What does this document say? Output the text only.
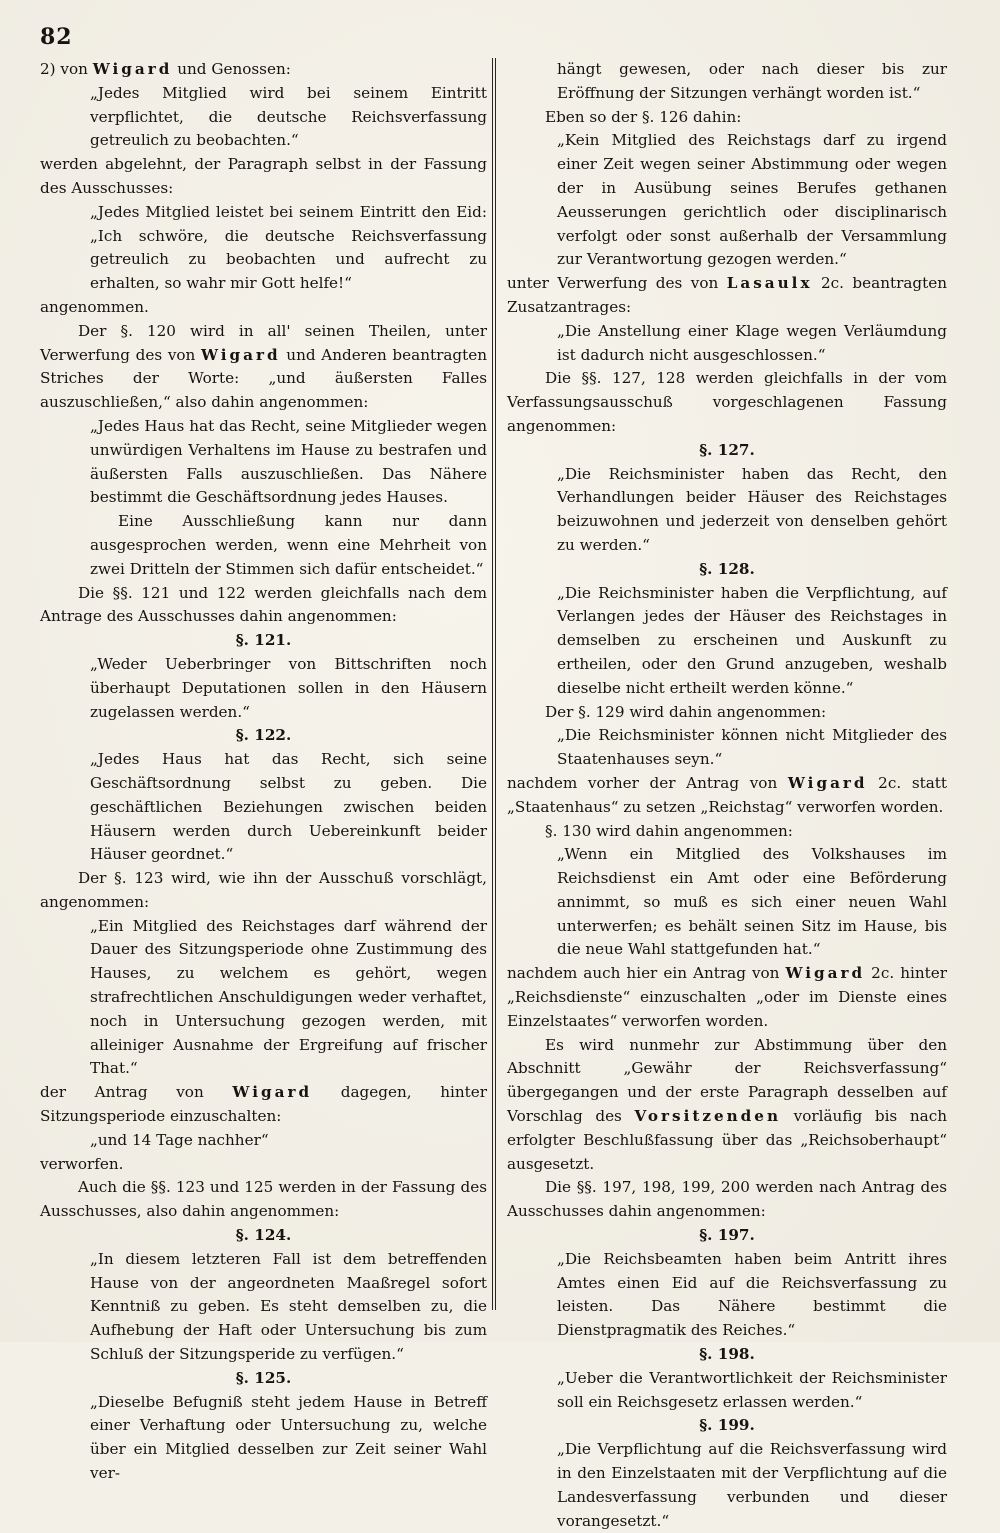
82

2) von Wigard und Genossen:

„Jedes Mitglied wird bei seinem Eintritt verpflichtet, die deutsche Reichsverfassung getreulich zu beobachten.“

werden abgelehnt, der Paragraph selbst in der Fassung des Ausschusses:

„Jedes Mitglied leistet bei seinem Eintritt den Eid: „Ich schwöre, die deutsche Reichsverfassung getreulich zu beobachten und aufrecht zu erhalten, so wahr mir Gott helfe!“

angenommen.

Der §. 120 wird in all' seinen Theilen, unter Verwerfung des von Wigard und Anderen beantragten Striches der Worte: „und äußersten Falles auszuschließen,“ also dahin angenommen:

„Jedes Haus hat das Recht, seine Mitglieder wegen unwürdigen Verhaltens im Hause zu bestrafen und äußersten Falls auszuschließen. Das Nähere bestimmt die Geschäftsordnung jedes Hauses.

Eine Ausschließung kann nur dann ausgesprochen werden, wenn eine Mehrheit von zwei Dritteln der Stimmen sich dafür entscheidet.“

Die §§. 121 und 122 werden gleichfalls nach dem Antrage des Ausschusses dahin angenommen:

§. 121.

„Weder Ueberbringer von Bittschriften noch überhaupt Deputationen sollen in den Häusern zugelassen werden.“

§. 122.

„Jedes Haus hat das Recht, sich seine Geschäftsordnung selbst zu geben. Die geschäftlichen Beziehungen zwischen beiden Häusern werden durch Uebereinkunft beider Häuser geordnet.“

Der §. 123 wird, wie ihn der Ausschuß vorschlägt, angenommen:

„Ein Mitglied des Reichstages darf während der Dauer des Sitzungsperiode ohne Zustimmung des Hauses, zu welchem es gehört, wegen strafrechtlichen Anschuldigungen weder verhaftet, noch in Untersuchung gezogen werden, mit alleiniger Ausnahme der Ergreifung auf frischer That.“

der Antrag von Wigard dagegen, hinter Sitzungsperiode einzuschalten:

„und 14 Tage nachher“

verworfen.

Auch die §§. 123 und 125 werden in der Fassung des Ausschusses, also dahin angenommen:

§. 124.

„In diesem letzteren Fall ist dem betreffenden Hause von der angeordneten Maaßregel sofort Kenntniß zu geben. Es steht demselben zu, die Aufhebung der Haft oder Untersuchung bis zum Schluß der Sitzungsperide zu verfügen.“

§. 125.

„Dieselbe Befugniß steht jedem Hause in Betreff einer Verhaftung oder Untersuchung zu, welche über ein Mitglied desselben zur Zeit seiner Wahl ver-

hängt gewesen, oder nach dieser bis zur Eröffnung der Sitzungen verhängt worden ist.“

Eben so der §. 126 dahin:

„Kein Mitglied des Reichstags darf zu irgend einer Zeit wegen seiner Abstimmung oder wegen der in Ausübung seines Berufes gethanen Aeusserungen gerichtlich oder disciplinarisch verfolgt oder sonst außerhalb der Versammlung zur Verantwortung gezogen werden.“

unter Verwerfung des von Lasaulx 2c. beantragten Zusatzantrages:

„Die Anstellung einer Klage wegen Verläumdung ist dadurch nicht ausgeschlossen.“

Die §§. 127, 128 werden gleichfalls in der vom Verfassungsausschuß vorgeschlagenen Fassung angenommen:

§. 127.

„Die Reichsminister haben das Recht, den Verhandlungen beider Häuser des Reichstages beizuwohnen und jederzeit von denselben gehört zu werden.“

§. 128.

„Die Reichsminister haben die Verpflichtung, auf Verlangen jedes der Häuser des Reichstages in demselben zu erscheinen und Auskunft zu ertheilen, oder den Grund anzugeben, weshalb dieselbe nicht ertheilt werden könne.“

Der §. 129 wird dahin angenommen:

„Die Reichsminister können nicht Mitglieder des Staatenhauses seyn.“

nachdem vorher der Antrag von Wigard 2c. statt „Staatenhaus“ zu setzen „Reichstag“ verworfen worden.

§. 130 wird dahin angenommen:

„Wenn ein Mitglied des Volkshauses im Reichsdienst ein Amt oder eine Beförderung annimmt, so muß es sich einer neuen Wahl unterwerfen; es behält seinen Sitz im Hause, bis die neue Wahl stattgefunden hat.“

nachdem auch hier ein Antrag von Wigard 2c. hinter „Reichsdienste“ einzuschalten „oder im Dienste eines Einzelstaates“ verworfen worden.

Es wird nunmehr zur Abstimmung über den Abschnitt „Gewähr der Reichsverfassung“ übergegangen und der erste Paragraph desselben auf Vorschlag des Vorsitzenden vorläufig bis nach erfolgter Beschlußfassung über das „Reichsoberhaupt“ ausgesetzt.

Die §§. 197, 198, 199, 200 werden nach Antrag des Ausschusses dahin angenommen:

§. 197.

„Die Reichsbeamten haben beim Antritt ihres Amtes einen Eid auf die Reichsverfassung zu leisten. Das Nähere bestimmt die Dienstpragmatik des Reiches.“

§. 198.

„Ueber die Verantwortlichkeit der Reichsminister soll ein Reichsgesetz erlassen werden.“

§. 199.

„Die Verpflichtung auf die Reichsverfassung wird in den Einzelstaaten mit der Verpflichtung auf die Landesverfassung verbunden und dieser vorangesetzt.“
